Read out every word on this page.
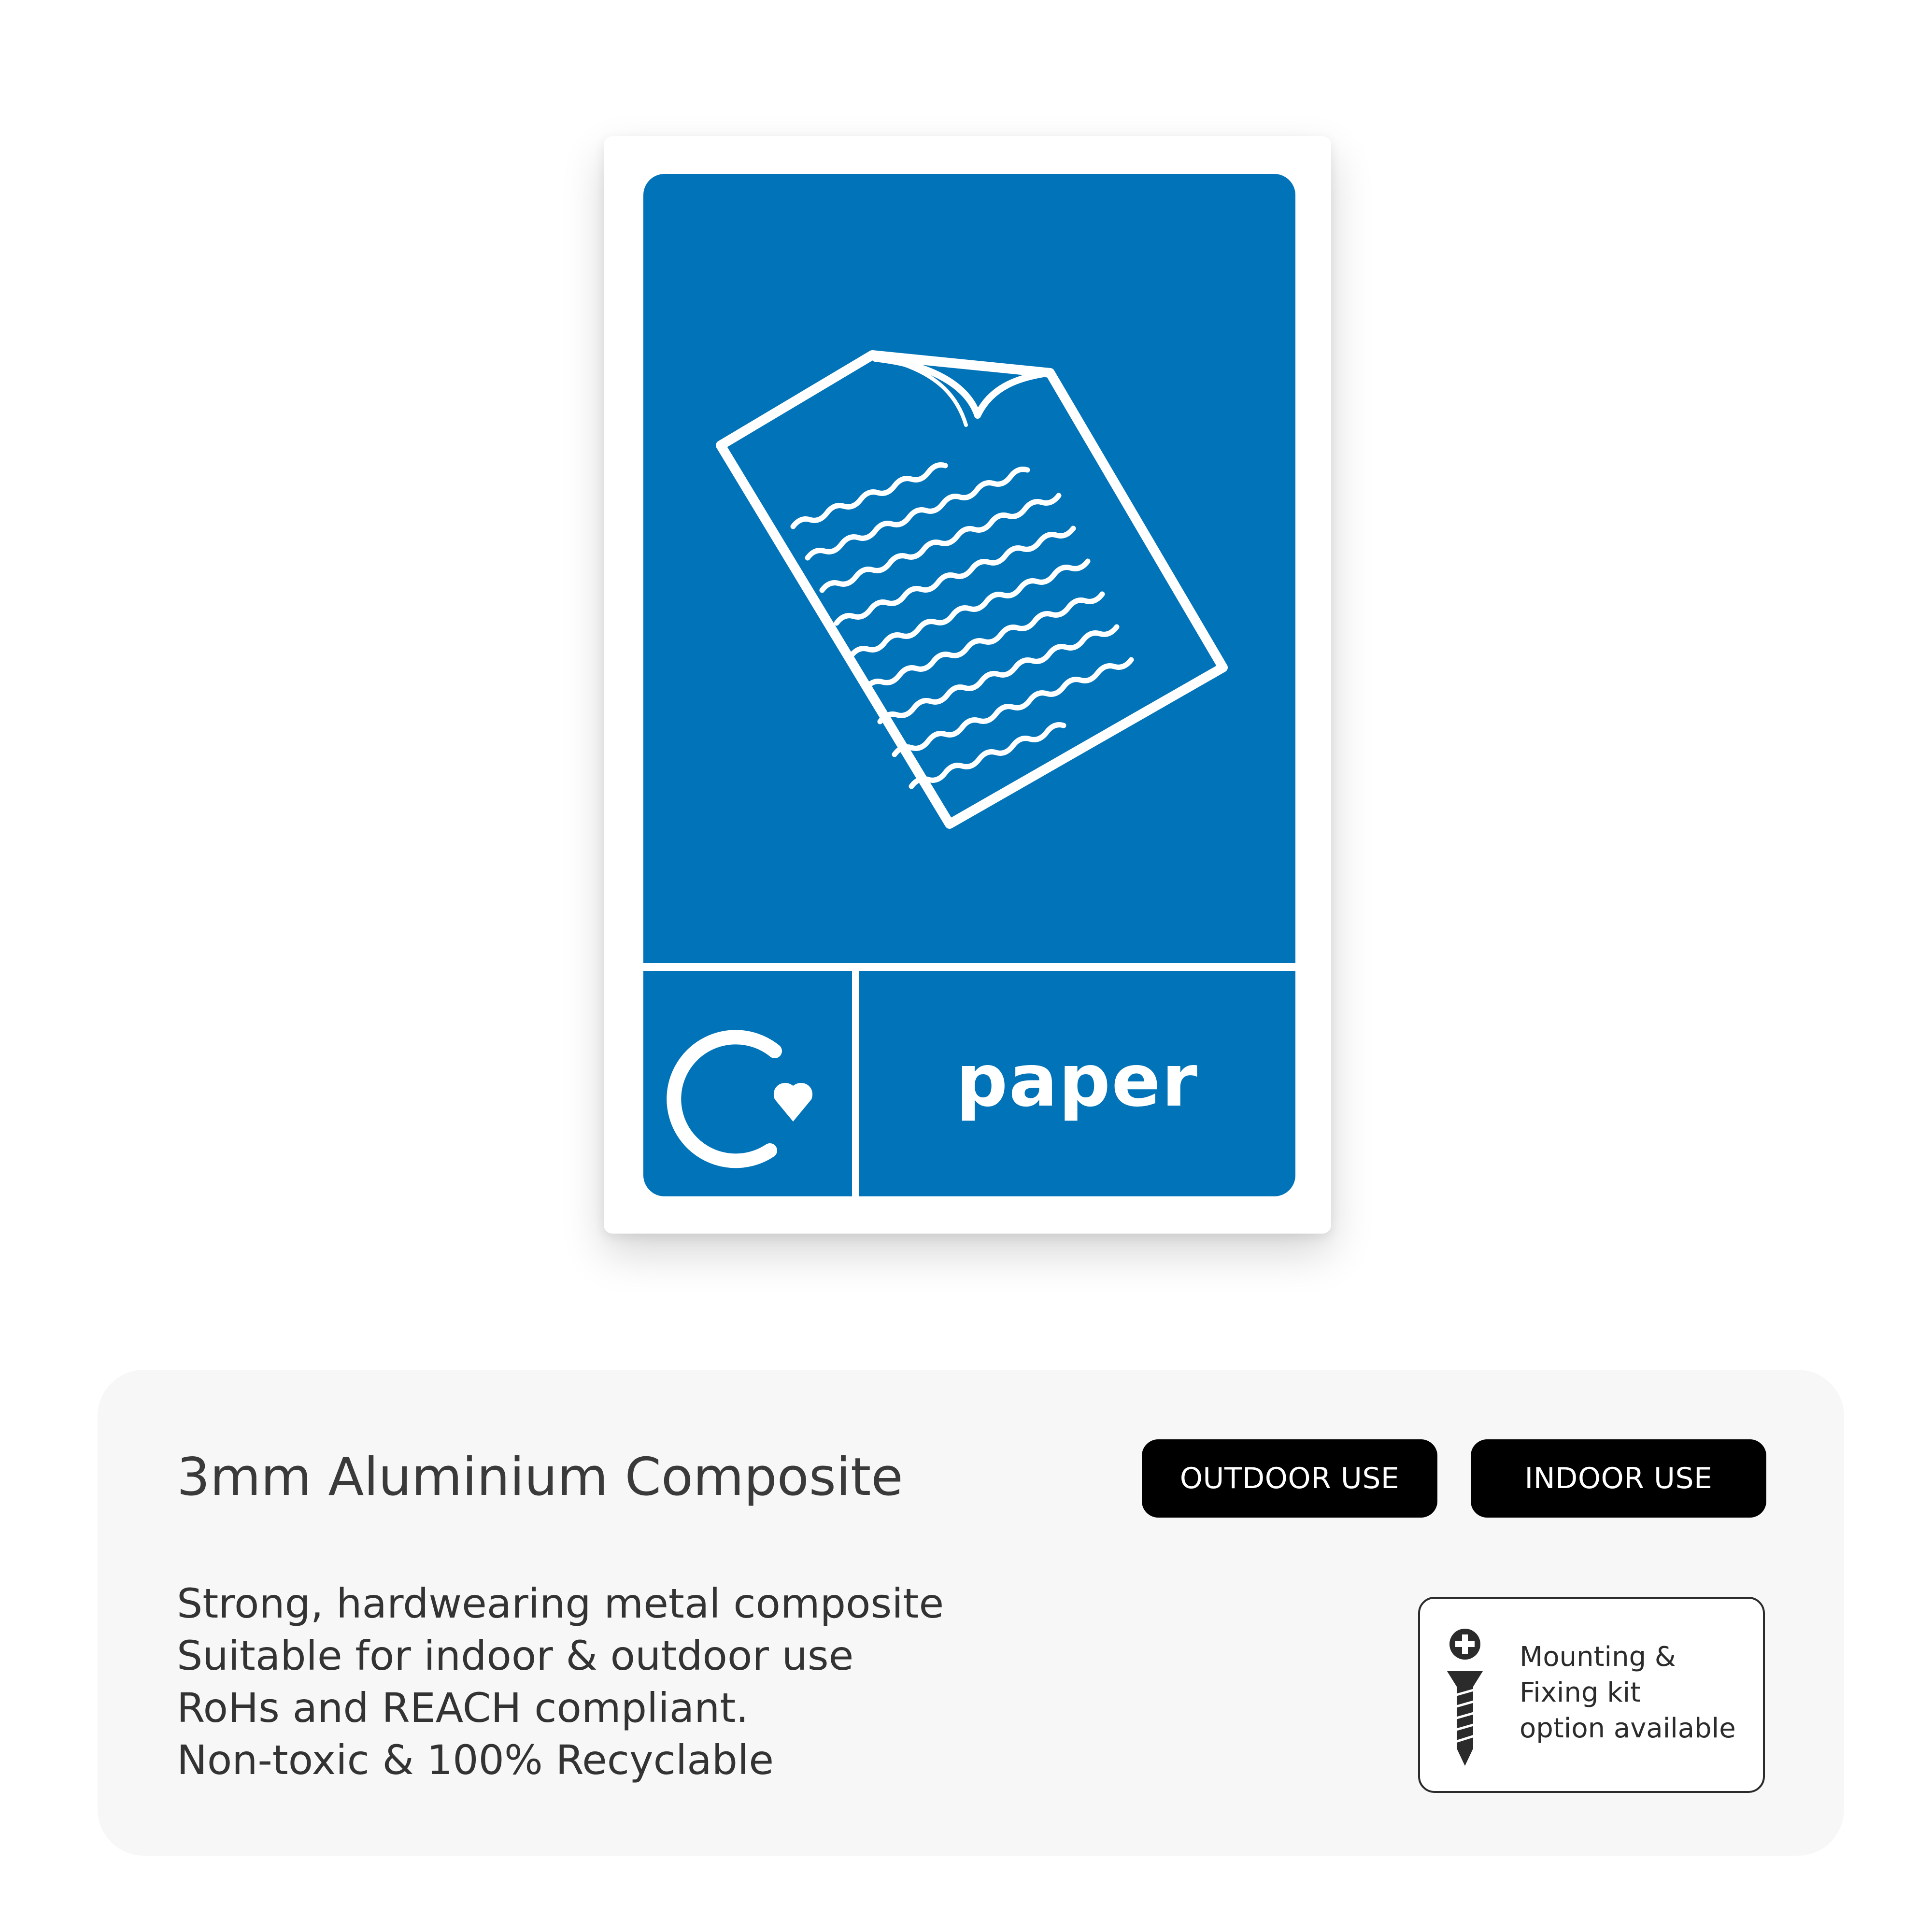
paper
3mm Aluminium Composite	OUTDOOR USE	INDOOR USE
Strong, hardwearing metal composite
Suitable for indoor & outdoor use
RoHs and REACH compliant.
Non-toxic & 100% Recyclable
Mounting &
Fixing kit
option available
